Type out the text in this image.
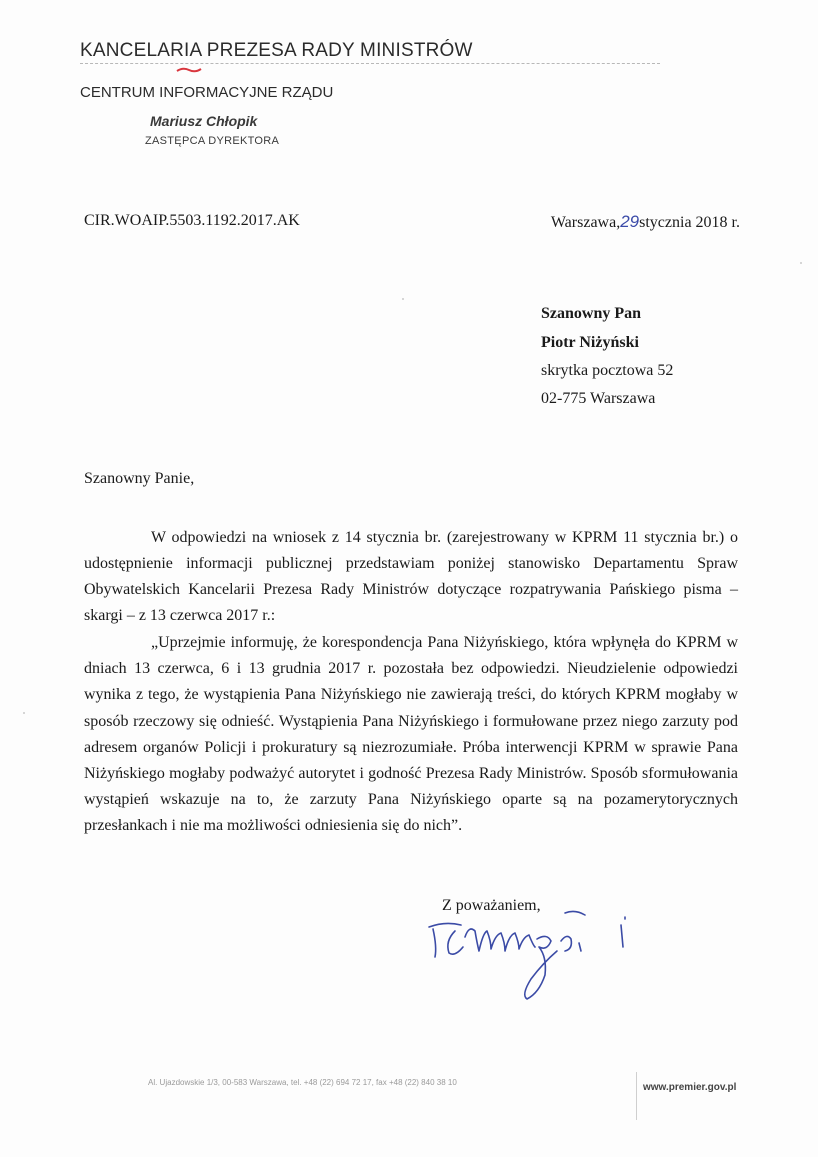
KANCELARIA PREZESA RADY MINISTRÓW
CENTRUM INFORMACYJNE RZĄDU
Mariusz Chłopik
ZASTĘPCA DYREKTORA
CIR.WOAIP.5503.1192.2017.AK	Warszawa,29stycznia 2018 r.
Szanowny Pan
Piotr Niżyński
skrytka pocztowa 52
02-775 Warszawa
Szanowny Panie,

W odpowiedzi na wniosek z 14 stycznia br. (zarejestrowany w KPRM 11 stycznia br.) o udostępnienie informacji publicznej przedstawiam poniżej stanowisko Departamentu Spraw Obywatelskich Kancelarii Prezesa Rady Ministrów dotyczące rozpatrywania Pańskiego pisma – skargi – z 13 czerwca 2017 r.:

„Uprzejmie informuję, że korespondencja Pana Niżyńskiego, która wpłynęła do KPRM w dniach 13 czerwca, 6 i 13 grudnia 2017 r. pozostała bez odpowiedzi. Nieudzielenie odpowiedzi wynika z tego, że wystąpienia Pana Niżyńskiego nie zawierają treści, do których KPRM mogłaby w sposób rzeczowy się odnieść. Wystąpienia Pana Niżyńskiego i formułowane przez niego zarzuty pod adresem organów Policji i prokuratury są niezrozumiałe. Próba interwencji KPRM w sprawie Pana Niżyńskiego mogłaby podważyć autorytet i godność Prezesa Rady Ministrów. Sposób sformułowania wystąpień wskazuje na to, że zarzuty Pana Niżyńskiego oparte są na pozamerytorycznych przesłankach i nie ma możliwości odniesienia się do nich”.

Z poważaniem,
Al. Ujazdowskie 1/3, 00-583 Warszawa, tel. +48 (22) 694 72 17, fax +48 (22) 840 38 10	www.premier.gov.pl
